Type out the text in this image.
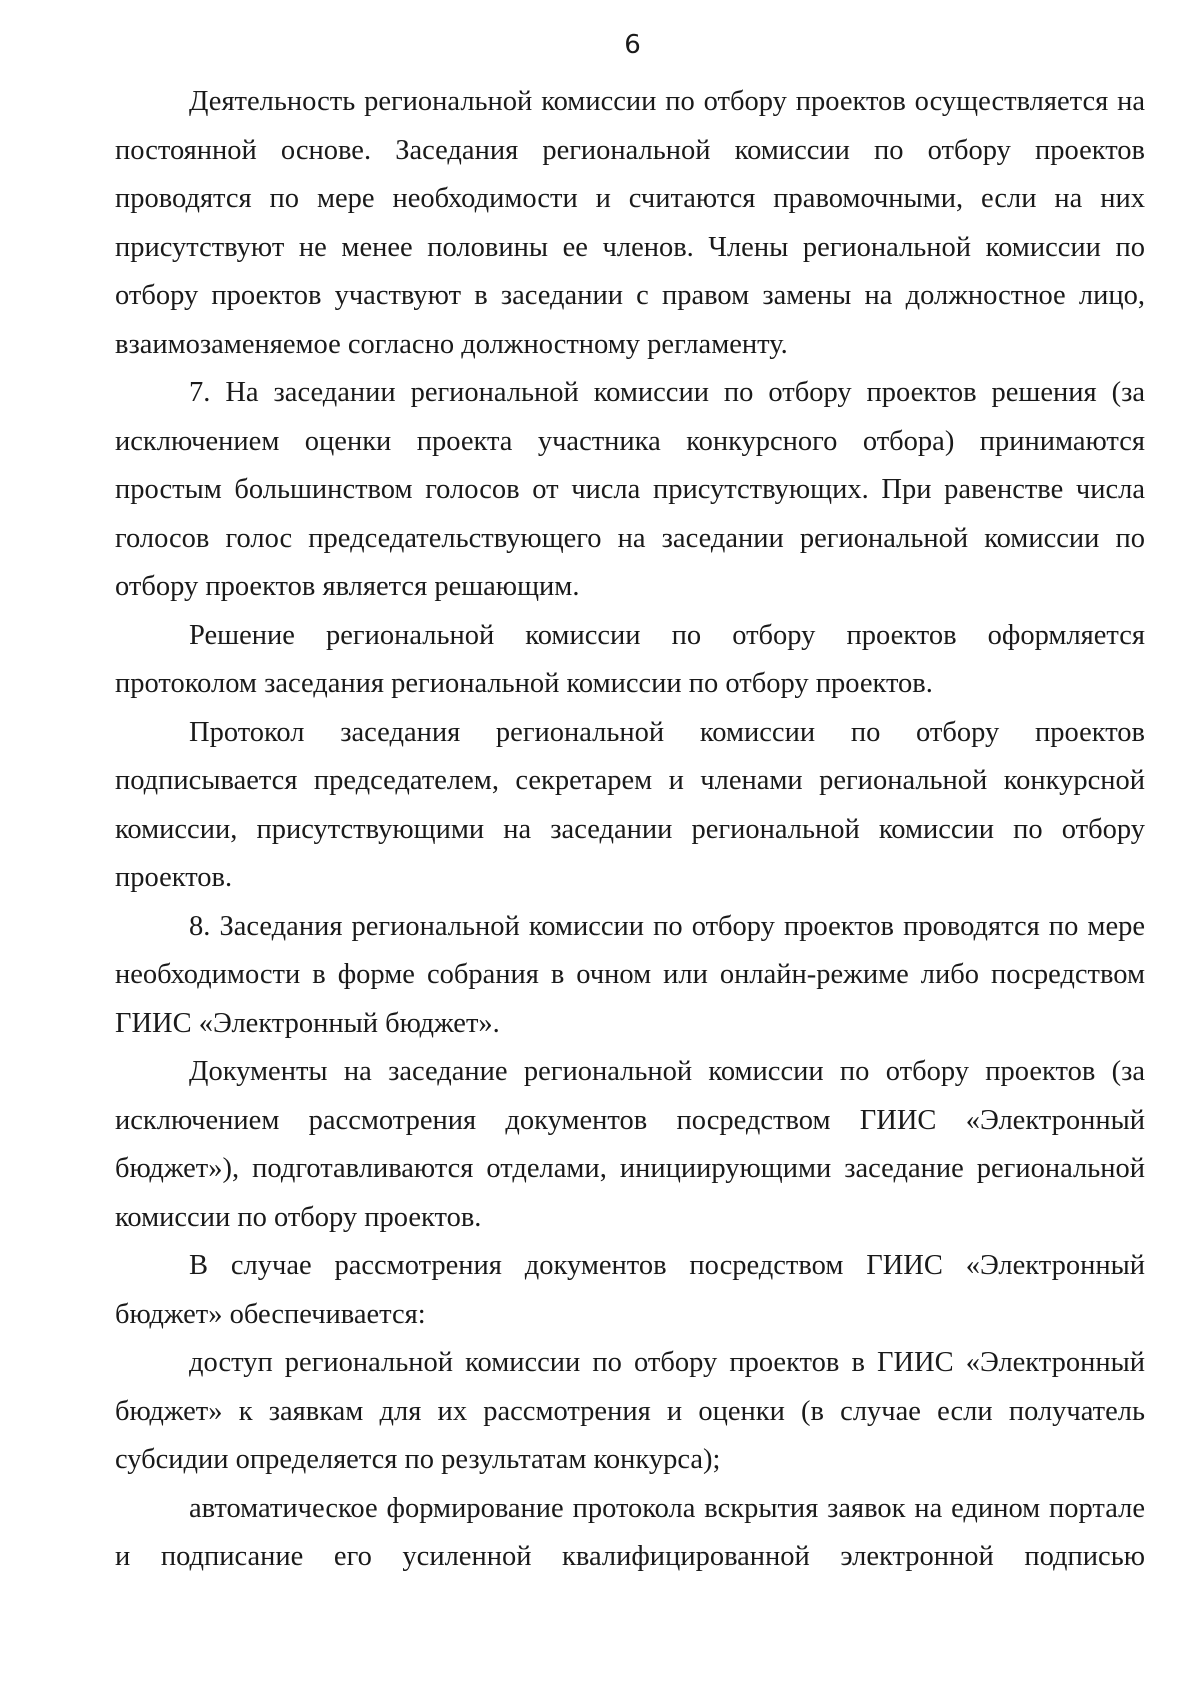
6

Деятельность региональной комиссии по отбору проектов осуществляется на постоянной основе. Заседания региональной комиссии по отбору проектов проводятся по мере необходимости и считаются правомочными, если на них присутствуют не менее половины ее членов. Члены региональной комиссии по отбору проектов участвуют в заседании с правом замены на должностное лицо, взаимозаменяемое согласно должностному регламенту.

7. На заседании региональной комиссии по отбору проектов решения (за исключением оценки проекта участника конкурсного отбора) принимаются простым большинством голосов от числа присутствующих. При равенстве числа голосов голос председательствующего на заседании региональной комиссии по отбору проектов является решающим.

Решение региональной комиссии по отбору проектов оформляется протоколом заседания региональной комиссии по отбору проектов.

Протокол заседания региональной комиссии по отбору проектов подписывается председателем, секретарем и членами региональной конкурсной комиссии, присутствующими на заседании региональной комиссии по отбору проектов.

8. Заседания региональной комиссии по отбору проектов проводятся по мере необходимости в форме собрания в очном или онлайн-режиме либо посредством ГИИС «Электронный бюджет».

Документы на заседание региональной комиссии по отбору проектов (за исключением рассмотрения документов посредством ГИИС «Электронный бюджет»), подготавливаются отделами, инициирующими заседание региональной комиссии по отбору проектов.

В случае рассмотрения документов посредством ГИИС «Электронный бюджет» обеспечивается:

доступ региональной комиссии по отбору проектов в ГИИС «Электронный бюджет» к заявкам для их рассмотрения и оценки (в случае если получатель субсидии определяется по результатам конкурса);

автоматическое формирование протокола вскрытия заявок на едином портале и подписание его усиленной квалифицированной электронной подписью
